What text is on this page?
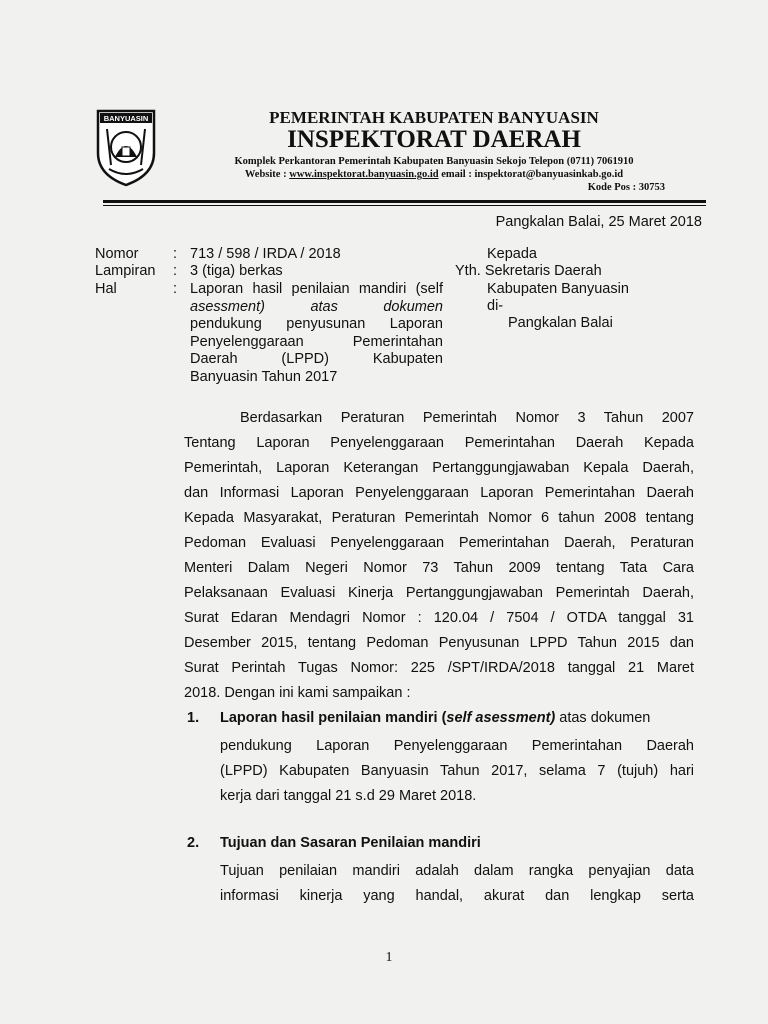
BANYUASIN	PEMERINTAH KABUPATEN BANYUASIN
INSPEKTORAT DAERAH
Komplek Perkantoran Pemerintah Kabupaten Banyuasin Sekojo Telepon (0711) 7061910
Website : www.inspektorat.banyuasin.go.id email : inspektorat@banyuasinkab.go.id
Kode Pos : 30753
Pangkalan Balai, 25 Maret 2018
Nomor : 713 / 598 / IRDA / 2018
Lampiran : 3 (tiga) berkas
Hal	: Laporan hasil penilaian mandiri (self
asessment) atas dokumen
pendukung penyusunan Laporan
Penyelenggaraan Pemerintahan
Daerah (LPPD) Kabupaten
Banyuasin Tahun 2017
Kepada
Yth. Sekretaris Daerah
Kabupaten Banyuasin
di-
Pangkalan Balai
Berdasarkan Peraturan Pemerintah Nomor 3 Tahun 2007
Tentang Laporan Penyelenggaraan Pemerintahan Daerah Kepada
Pemerintah, Laporan Keterangan Pertanggungjawaban Kepala Daerah,
dan Informasi Laporan Penyelenggaraan Laporan Pemerintahan Daerah
Kepada Masyarakat, Peraturan Pemerintah Nomor 6 tahun 2008 tentang
Pedoman Evaluasi Penyelenggaraan Pemerintahan Daerah, Peraturan
Menteri Dalam Negeri Nomor 73 Tahun 2009 tentang Tata Cara
Pelaksanaan Evaluasi Kinerja Pertanggungjawaban Pemerintah Daerah,
Surat Edaran Mendagri Nomor : 120.04 / 7504 / OTDA tanggal 31
Desember 2015, tentang Pedoman Penyusunan LPPD Tahun 2015 dan
Surat Perintah Tugas Nomor: 225 /SPT/IRDA/2018 tanggal 21 Maret
2018. Dengan ini kami sampaikan :
1. Laporan hasil penilaian mandiri (self asessment) atas dokumen
pendukung Laporan Penyelenggaraan Pemerintahan Daerah
(LPPD) Kabupaten Banyuasin Tahun 2017, selama 7 (tujuh) hari
kerja dari tanggal 21 s.d 29 Maret 2018.
2. Tujuan dan Sasaran Penilaian mandiri
Tujuan penilaian mandiri adalah dalam rangka penyajian data
informasi kinerja yang handal, akurat dan lengkap serta
1
